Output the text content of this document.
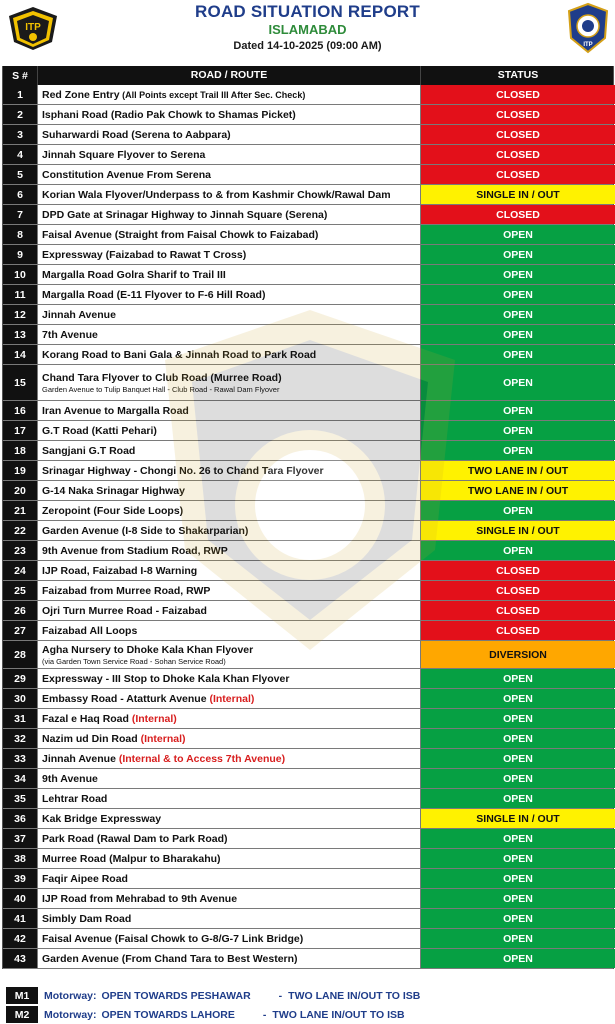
ITP
ROAD SITUATION REPORT
ISLAMABAD
Dated 14-10-2025 (09:00 AM)	ITP
S #	ROAD / ROUTE	STATUS
1	Red Zone Entry (All Points except Trail III After Sec. Check)	CLOSED
2	Isphani Road (Radio Pak Chowk to Shamas Picket)	CLOSED
3	Suharwardi Road (Serena to Aabpara)	CLOSED
4	Jinnah Square Flyover to Serena	CLOSED
5	Constitution Avenue From Serena	CLOSED
6	Korian Wala Flyover/Underpass to & from Kashmir Chowk/Rawal Dam	SINGLE IN / OUT
7	DPD Gate at Srinagar Highway to Jinnah Square (Serena)	CLOSED
8	Faisal Avenue (Straight from Faisal Chowk to Faizabad)	OPEN
9	Expressway (Faizabad to Rawat T Cross)	OPEN
10	Margalla Road Golra Sharif to Trail III	OPEN
11	Margalla Road (E-11 Flyover to F-6 Hill Road)	OPEN
12	Jinnah Avenue	OPEN
13	7th Avenue	OPEN
14	Korang Road to Bani Gala & Jinnah Road to Park Road	OPEN
15	Chand Tara Flyover to Club Road (Murree Road)
Garden Avenue to Tulip Banquet Hall - Club Road - Rawal Dam Flyover
OPEN
16	Iran Avenue to Margalla Road	OPEN
17	G.T Road (Katti Pehari)	OPEN
18	Sangjani G.T Road	OPEN
19	Srinagar Highway - Chongi No. 26 to Chand Tara Flyover	TWO LANE IN / OUT
20	G-14 Naka Srinagar Highway	TWO LANE IN / OUT
21	Zeropoint (Four Side Loops)	OPEN
22	Garden Avenue (I-8 Side to Shakarparian)	SINGLE IN / OUT
23	9th Avenue from Stadium Road, RWP	OPEN
24	IJP Road, Faizabad I-8 Warning	CLOSED
25	Faizabad from Murree Road, RWP	CLOSED
26	Ojri Turn Murree Road - Faizabad	CLOSED
27	Faizabad All Loops	CLOSED
28	Agha Nursery to Dhoke Kala Khan Flyover
(via Garden Town Service Road - Sohan Service Road)
DIVERSION
29	Expressway - III Stop to Dhoke Kala Khan Flyover	OPEN
30	Embassy Road - Atatturk Avenue (Internal)	OPEN
31	Fazal e Haq Road (Internal)	OPEN
32	Nazim ud Din Road (Internal)	OPEN
33	Jinnah Avenue (Internal & to Access 7th Avenue)	OPEN
34	9th Avenue	OPEN
35	Lehtrar Road	OPEN
36	Kak Bridge Expressway	SINGLE IN / OUT
37	Park Road (Rawal Dam to Park Road)	OPEN
38	Murree Road (Malpur to Bharakahu)	OPEN
39	Faqir Aipee Road	OPEN
40	IJP Road from Mehrabad to 9th Avenue	OPEN
41	Simbly Dam Road	OPEN
42	Faisal Avenue (Faisal Chowk to G-8/G-7 Link Bridge)	OPEN
43	Garden Avenue (From Chand Tara to Best Western)	OPEN
M1	Motorway: OPEN TOWARDS PESHAWAR	- TWO LANE IN/OUT TO ISB
M2	Motorway: OPEN TOWARDS LAHORE	- TWO LANE IN/OUT TO ISB
